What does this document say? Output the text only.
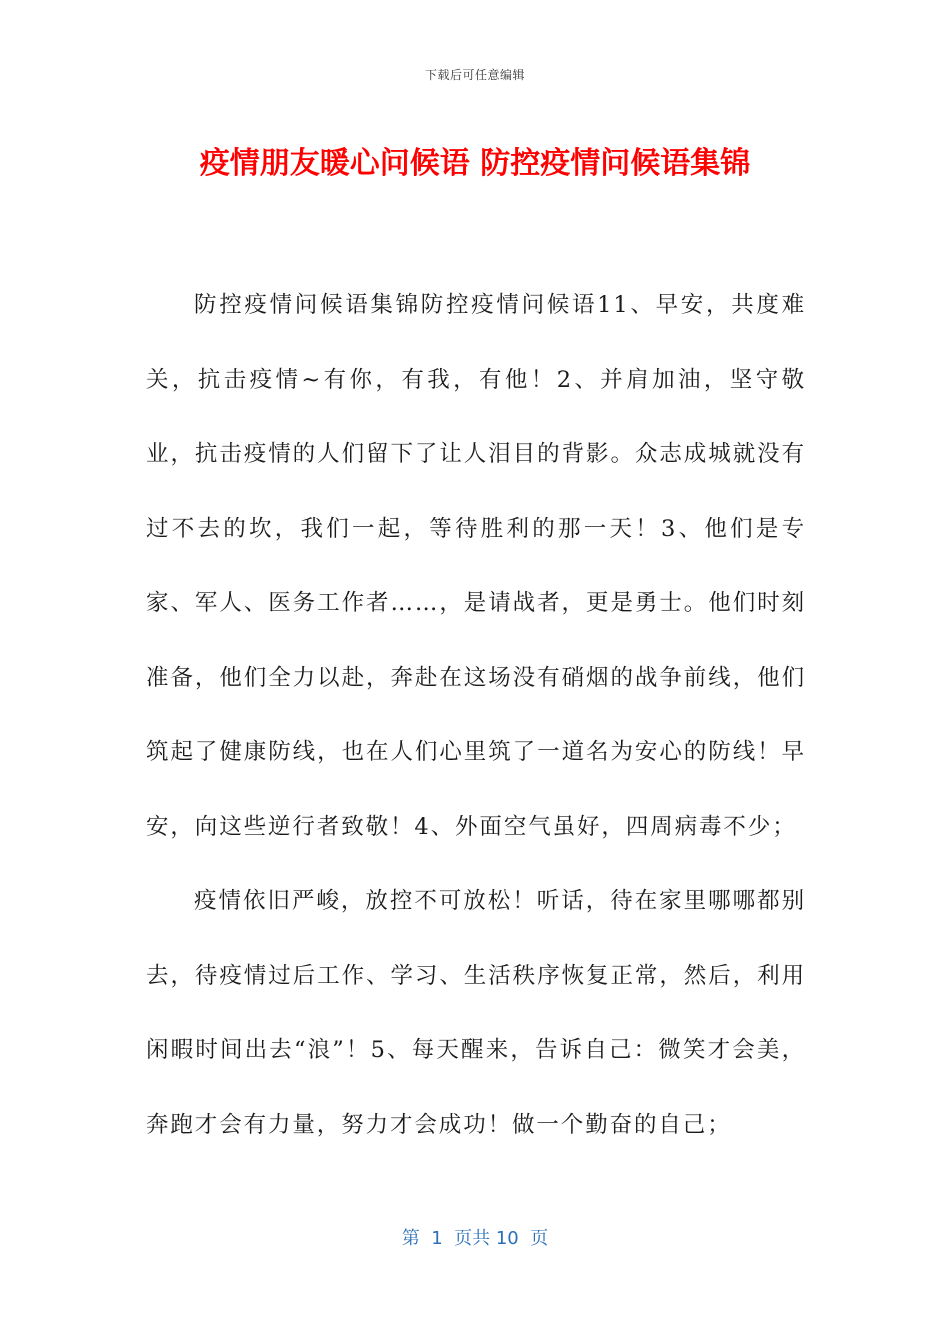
下载后可任意编辑
疫情朋友暖心问候语 防控疫情问候语集锦

防控疫情问候语集锦防控疫情问候语11、早安，共度难关，抗击疫情~有你，有我，有他！2、并肩加油，坚守敬业，抗击疫情的人们留下了让人泪目的背影。众志成城就没有过不去的坎，我们一起，等待胜利的那一天！3、他们是专家、军人、医务工作者……，是请战者，更是勇士。他们时刻准备，他们全力以赴，奔赴在这场没有硝烟的战争前线，他们筑起了健康防线，也在人们心里筑了一道名为安心的防线！早安，向这些逆行者致敬！4、外面空气虽好，四周病毒不少；

疫情依旧严峻，放控不可放松！听话，待在家里哪哪都别去，待疫情过后工作、学习、生活秩序恢复正常，然后，利用闲暇时间出去“浪”！5、每天醒来，告诉自己：微笑才会美，奔跑才会有力量，努力才会成功！做一个勤奋的自己；

第  1  页共 10  页
